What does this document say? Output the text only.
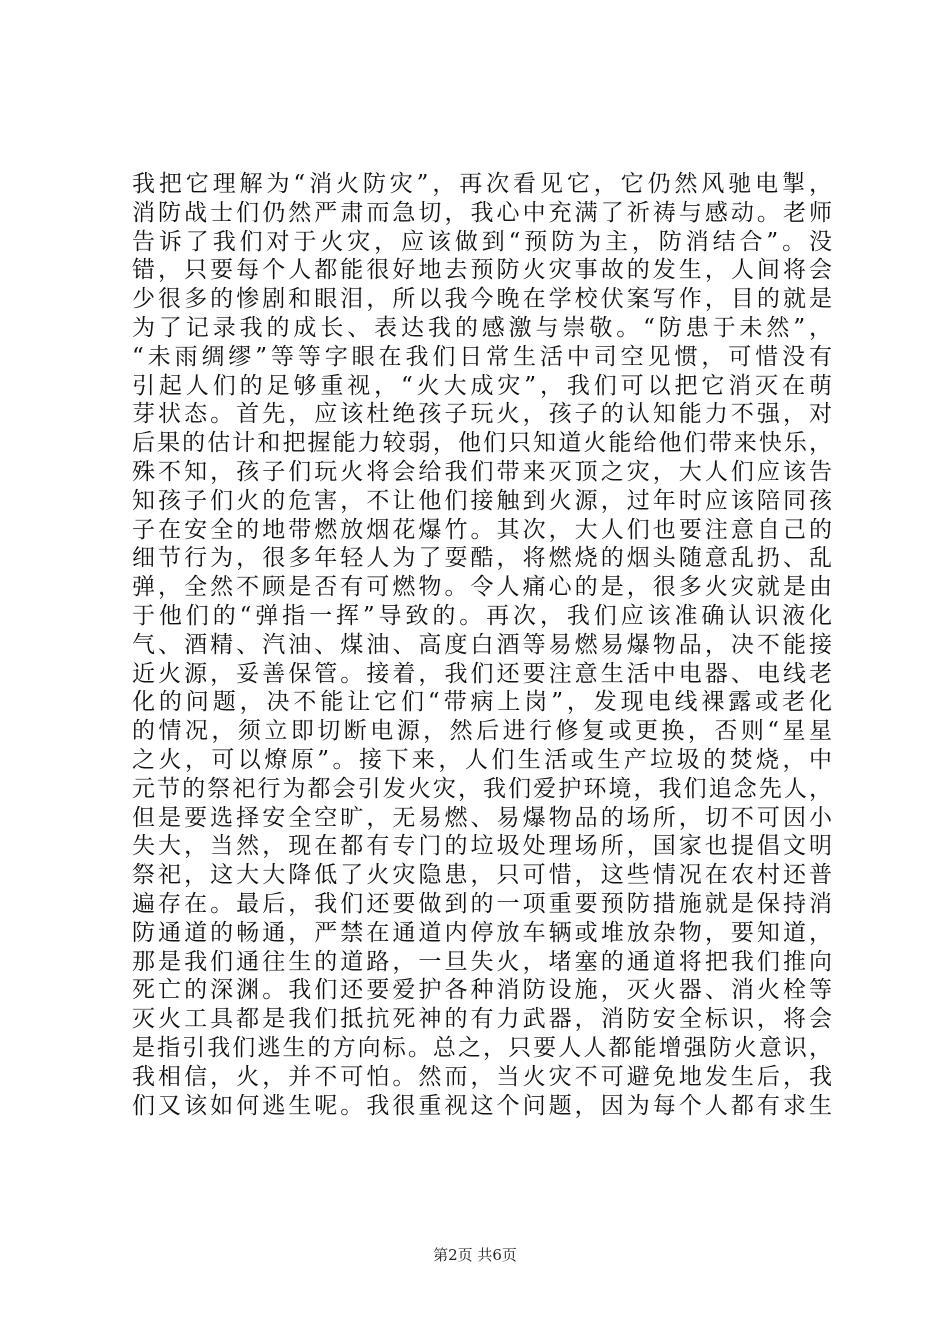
我把它理解为“消火防灾”，再次看见它，它仍然风驰电掣，
消防战士们仍然严肃而急切，我心中充满了祈祷与感动。老师
告诉了我们对于火灾，应该做到“预防为主，防消结合”。没
错，只要每个人都能很好地去预防火灾事故的发生，人间将会
少很多的惨剧和眼泪，所以我今晚在学校伏案写作，目的就是
为了记录我的成长、表达我的感激与崇敬。“防患于未然”，
“未雨绸缪”等等字眼在我们日常生活中司空见惯，可惜没有
引起人们的足够重视，“火大成灾”，我们可以把它消灭在萌
芽状态。首先，应该杜绝孩子玩火，孩子的认知能力不强，对
后果的估计和把握能力较弱，他们只知道火能给他们带来快乐，
殊不知，孩子们玩火将会给我们带来灭顶之灾，大人们应该告
知孩子们火的危害，不让他们接触到火源，过年时应该陪同孩
子在安全的地带燃放烟花爆竹。其次，大人们也要注意自己的
细节行为，很多年轻人为了耍酷，将燃烧的烟头随意乱扔、乱
弹，全然不顾是否有可燃物。令人痛心的是，很多火灾就是由
于他们的“弹指一挥”导致的。再次，我们应该准确认识液化
气、酒精、汽油、煤油、高度白酒等易燃易爆物品，决不能接
近火源，妥善保管。接着，我们还要注意生活中电器、电线老
化的问题，决不能让它们“带病上岗”，发现电线裸露或老化
的情况，须立即切断电源，然后进行修复或更换，否则“星星
之火，可以燎原”。接下来，人们生活或生产垃圾的焚烧，中
元节的祭祀行为都会引发火灾，我们爱护环境，我们追念先人，
但是要选择安全空旷，无易燃、易爆物品的场所，切不可因小
失大，当然，现在都有专门的垃圾处理场所，国家也提倡文明
祭祀，这大大降低了火灾隐患，只可惜，这些情况在农村还普
遍存在。最后，我们还要做到的一项重要预防措施就是保持消
防通道的畅通，严禁在通道内停放车辆或堆放杂物，要知道，
那是我们通往生的道路，一旦失火，堵塞的通道将把我们推向
死亡的深渊。我们还要爱护各种消防设施，灭火器、消火栓等
灭火工具都是我们抵抗死神的有力武器，消防安全标识，将会
是指引我们逃生的方向标。总之，只要人人都能增强防火意识，
我相信，火，并不可怕。然而，当火灾不可避免地发生后，我
们又该如何逃生呢。我很重视这个问题，因为每个人都有求生
第2页 共6页
